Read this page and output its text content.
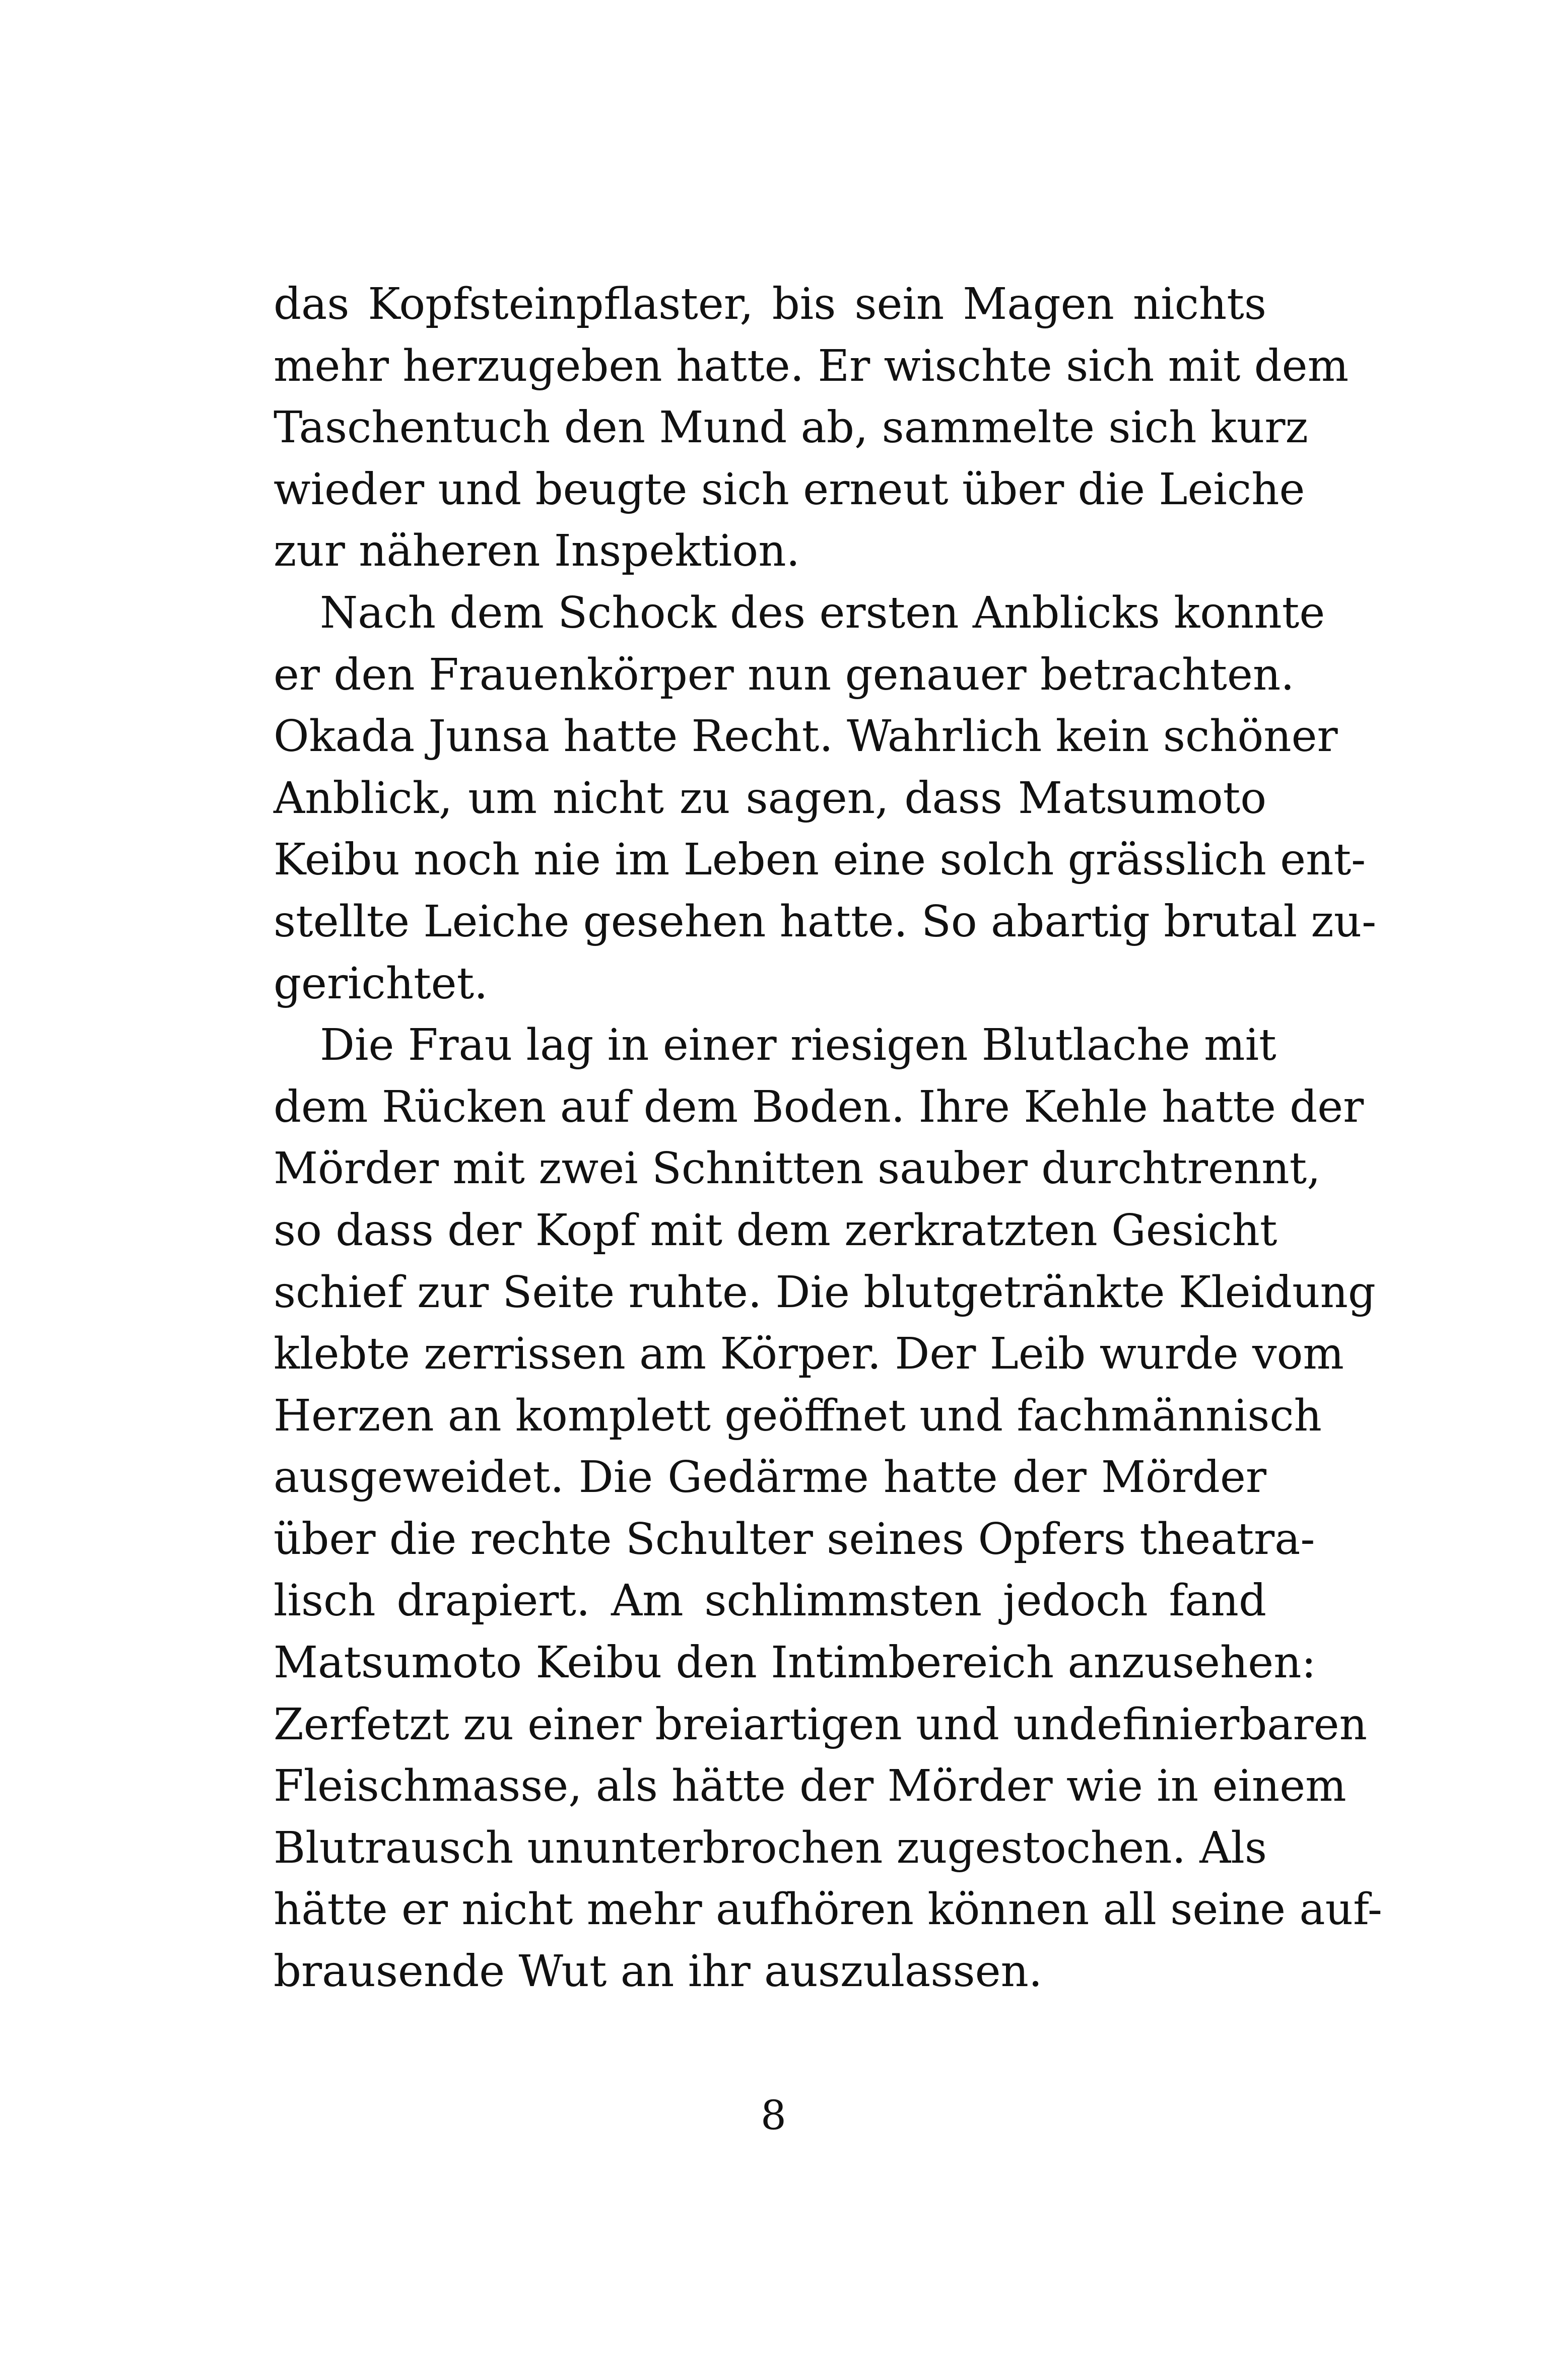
das Kopfsteinpflaster, bis sein Magen nichts
mehr herzugeben hatte. Er wischte sich mit dem
Taschentuch den Mund ab, sammelte sich kurz
wieder und beugte sich erneut über die Leiche
zur näheren Inspektion.
Nach dem Schock des ersten Anblicks konnte
er den Frauenkörper nun genauer betrachten.
Okada Junsa hatte Recht. Wahrlich kein schöner
Anblick, um nicht zu sagen, dass Matsumoto
Keibu noch nie im Leben eine solch grässlich ent-
stellte Leiche gesehen hatte. So abartig brutal zu-
gerichtet.
Die Frau lag in einer riesigen Blutlache mit
dem Rücken auf dem Boden. Ihre Kehle hatte der
Mörder mit zwei Schnitten sauber durchtrennt,
so dass der Kopf mit dem zerkratzten Gesicht
schief zur Seite ruhte. Die blutgetränkte Kleidung
klebte zerrissen am Körper. Der Leib wurde vom
Herzen an komplett geöffnet und fachmännisch
ausgeweidet. Die Gedärme hatte der Mörder
über die rechte Schulter seines Opfers theatra-
lisch drapiert. Am schlimmsten jedoch fand
Matsumoto Keibu den Intimbereich anzusehen:
Zerfetzt zu einer breiartigen und undefinierbaren
Fleischmasse, als hätte der Mörder wie in einem
Blutrausch ununterbrochen zugestochen. Als
hätte er nicht mehr aufhören können all seine auf-
brausende Wut an ihr auszulassen.
8
